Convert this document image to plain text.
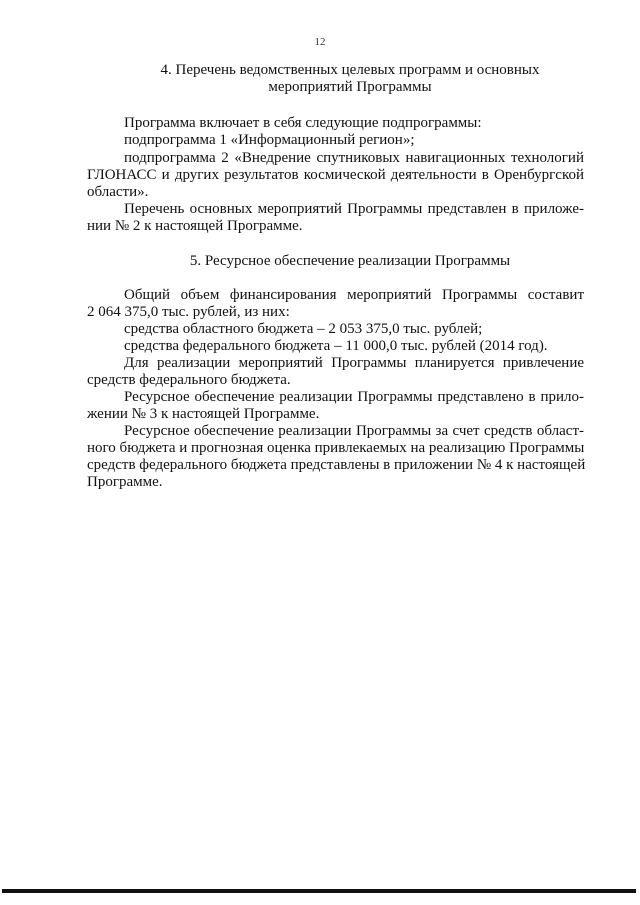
12
4. Перечень ведомственных целевых программ и основных
мероприятий Программы
Программа включает в себя следующие подпрограммы:
подпрограмма 1 «Информационный регион»;
подпрограмма 2 «Внедрение спутниковых навигационных технологий
ГЛОНАСС и других результатов космической деятельности в Оренбургской
области».
Перечень основных мероприятий Программы представлен в приложе-
нии № 2 к настоящей Программе.
5. Ресурсное обеспечение реализации Программы
Общий объем финансирования мероприятий Программы составит
2 064 375,0 тыс. рублей, из них:
средства областного бюджета – 2 053 375,0 тыс. рублей;
средства федерального бюджета – 11 000,0 тыс. рублей (2014 год).
Для реализации мероприятий Программы планируется привлечение
средств федерального бюджета.
Ресурсное обеспечение реализации Программы представлено в прило-
жении № 3 к настоящей Программе.
Ресурсное обеспечение реализации Программы за счет средств област-
ного бюджета и прогнозная оценка привлекаемых на реализацию Программы
средств федерального бюджета представлены в приложении № 4 к настоящей
Программе.
